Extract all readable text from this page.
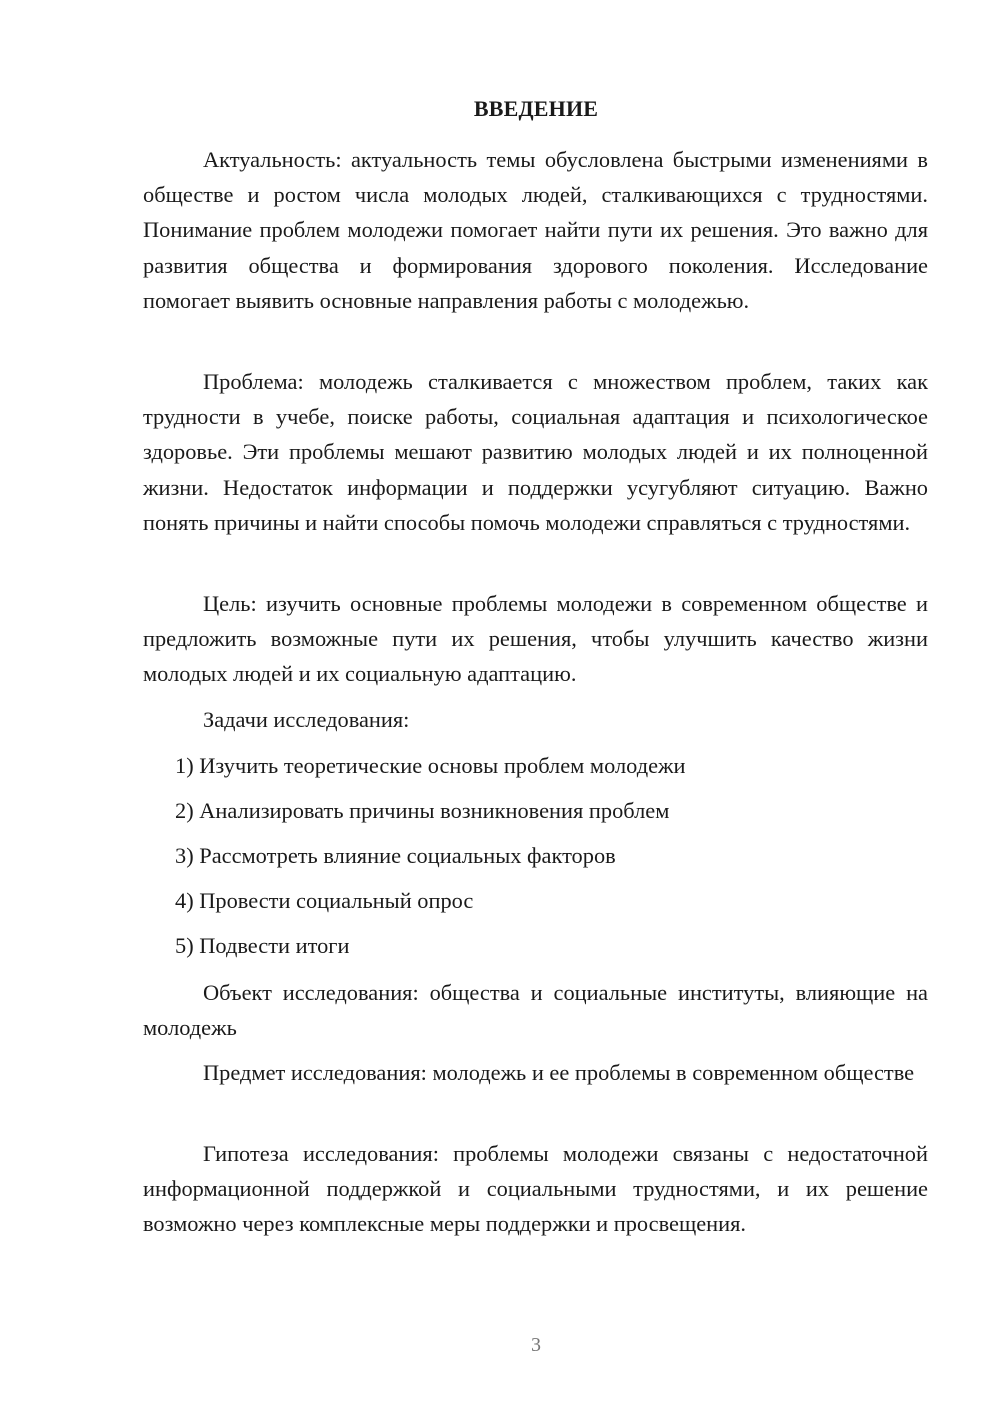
ВВЕДЕНИЕ
Актуальность: актуальность темы обусловлена быстрыми изменениями в обществе и ростом числа молодых людей, сталкивающихся с трудностями. Понимание проблем молодежи помогает найти пути их решения. Это важно для развития общества и формирования здорового поколения. Исследование помогает выявить основные направления работы с молодежью.
Проблема: молодежь сталкивается с множеством проблем, таких как трудности в учебе, поиске работы, социальная адаптация и психологическое здоровье. Эти проблемы мешают развитию молодых людей и их полноценной жизни. Недостаток информации и поддержки усугубляют ситуацию. Важно понять причины и найти способы помочь молодежи справляться с трудностями.
Цель: изучить основные проблемы молодежи в современном обществе и предложить возможные пути их решения, чтобы улучшить качество жизни молодых людей и их социальную адаптацию.
Задачи исследования:
1) Изучить теоретические основы проблем молодежи
2) Анализировать причины возникновения проблем
3) Рассмотреть влияние социальных факторов
4) Провести социальный опрос
5) Подвести итоги
Объект исследования: общества и социальные институты, влияющие на молодежь
Предмет исследования: молодежь и ее проблемы в современном обществе
Гипотеза исследования: проблемы молодежи связаны с недостаточной информационной поддержкой и социальными трудностями, и их решение возможно через комплексные меры поддержки и просвещения.
3
